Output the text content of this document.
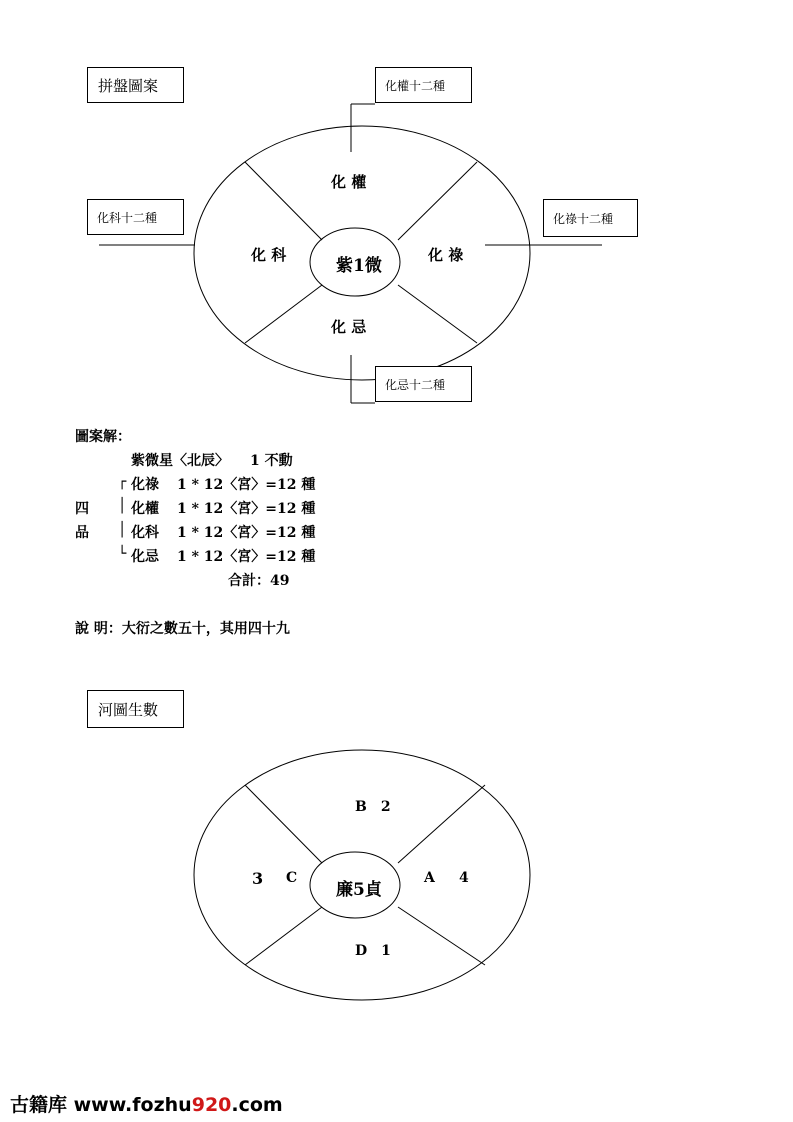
拼盤圖案	化權十二種
化科十二種	化祿十二種
化忌十二種
化 權
化 科	化 祿
化 忌
紫1微
圖案解：
紫微星〈北辰〉　　1 不動
四
品
┌ 化祿 1 * 12〈宮〉=12 種
│ 化權 1 * 12〈宮〉=12 種
│ 化科 1 * 12〈宮〉=12 種
└ 化忌 1 * 12〈宮〉=12 種
合計：49
說 明：大衍之數五十，其用四十九
河圖生數
B　2
3 C	A 4
D　1
廉5貞
古籍库 www.fozhu920.com
